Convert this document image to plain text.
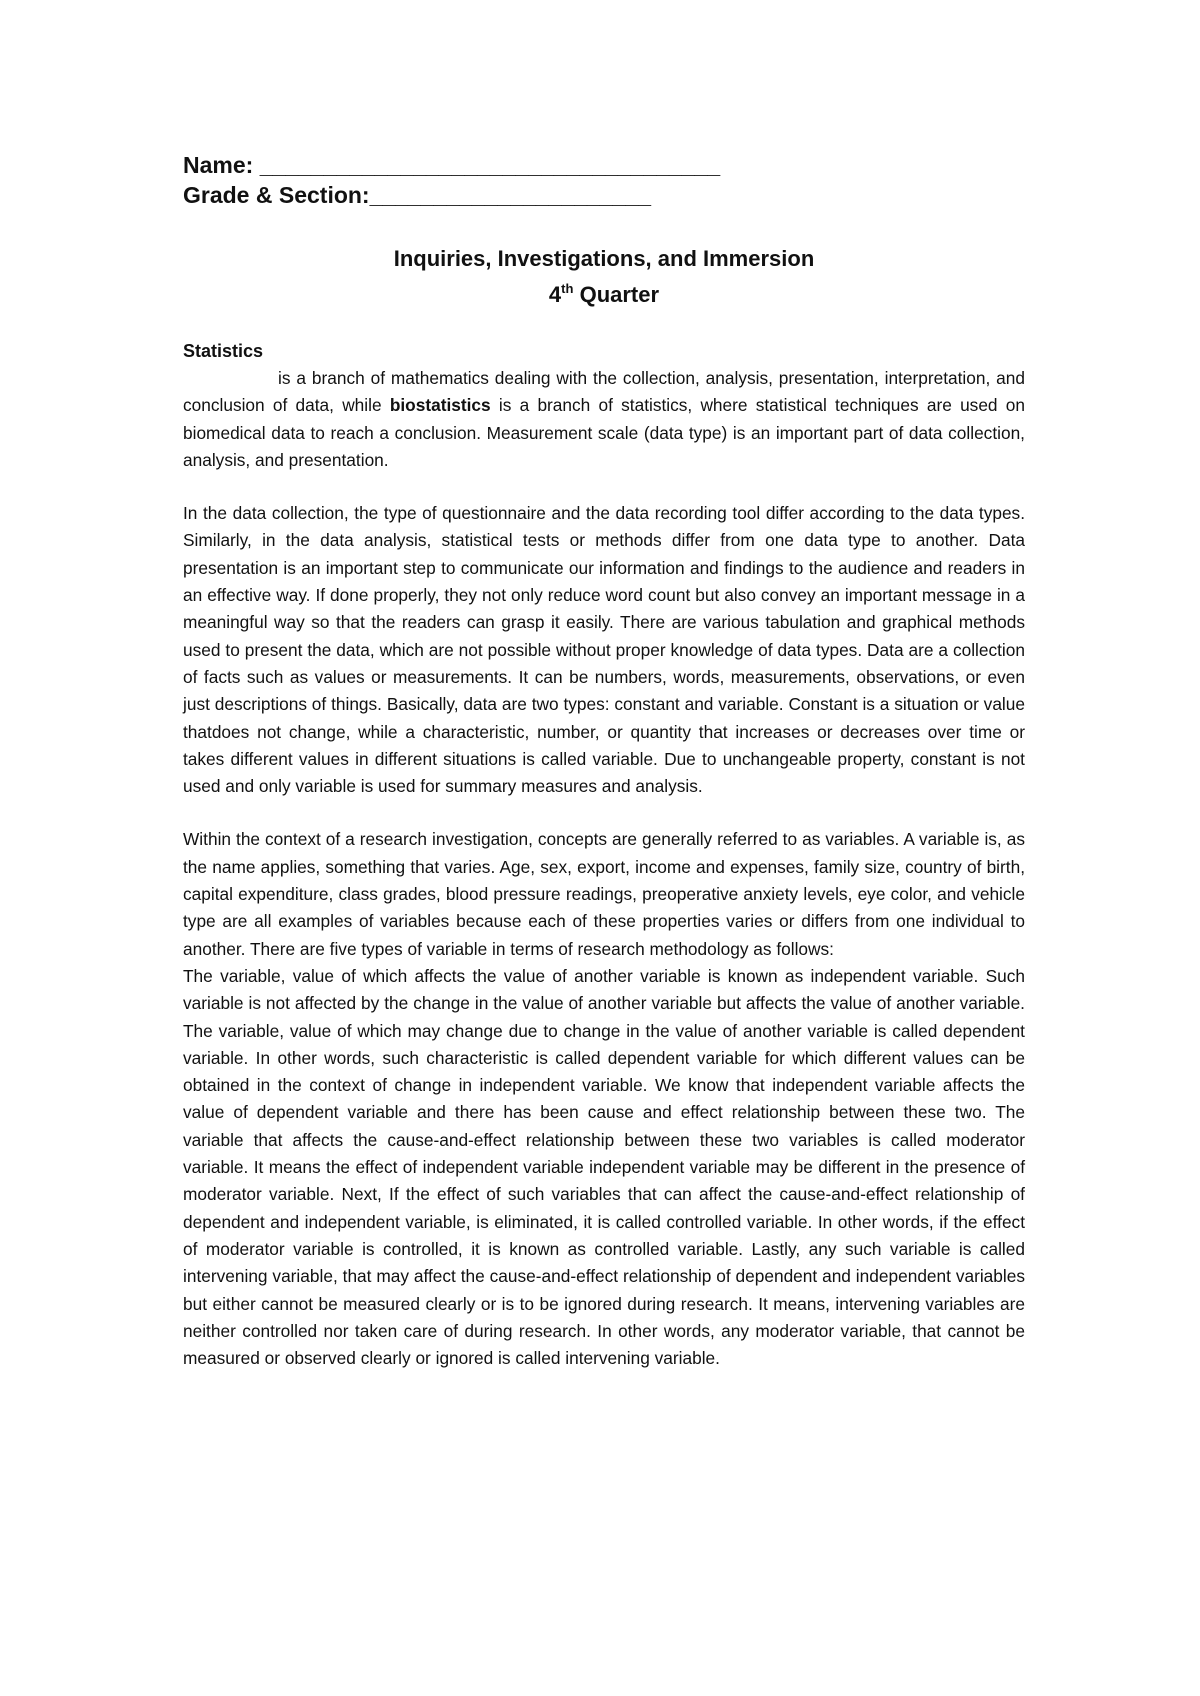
Name: ____________________________________

Grade & Section:______________________

Inquiries, Investigations, and Immersion

4th Quarter

Statistics

is a branch of mathematics dealing with the collection, analysis, presentation, interpretation, and conclusion of data, while biostatistics is a branch of statistics, where statistical techniques are used on biomedical data to reach a conclusion. Measurement scale (data type) is an important part of data collection, analysis, and presentation.

In the data collection, the type of questionnaire and the data recording tool differ according to the data types. Similarly, in the data analysis, statistical tests or methods differ from one data type to another. Data presentation is an important step to communicate our information and findings to the audience and readers in an effective way. If done properly, they not only reduce word count but also convey an important message in a meaningful way so that the readers can grasp it easily. There are various tabulation and graphical methods used to present the data, which are not possible without proper knowledge of data types. Data are a collection of facts such as values or measurements. It can be numbers, words, measurements, observations, or even just descriptions of things. Basically, data are two types: constant and variable. Constant is a situation or value thatdoes not change, while a characteristic, number, or quantity that increases or decreases over time or takes different values in different situations is called variable. Due to unchangeable property, constant is not used and only variable is used for summary measures and analysis.

Within the context of a research investigation, concepts are generally referred to as variables. A variable is, as the name applies, something that varies. Age, sex, export, income and expenses, family size, country of birth, capital expenditure, class grades, blood pressure readings, preoperative anxiety levels, eye color, and vehicle type are all examples of variables because each of these properties varies or differs from one individual to another. There are five types of variable in terms of research methodology as follows:

The variable, value of which affects the value of another variable is known as independent variable. Such variable is not affected by the change in the value of another variable but affects the value of another variable. The variable, value of which may change due to change in the value of another variable is called dependent variable. In other words, such characteristic is called dependent variable for which different values can be obtained in the context of change in independent variable. We know that independent variable affects the value of dependent variable and there has been cause and effect relationship between these two. The variable that affects the cause-and-effect relationship between these two variables is called moderator variable. It means the effect of independent variable independent variable may be different in the presence of moderator variable. Next, If the effect of such variables that can affect the cause-and-effect relationship of dependent and independent variable, is eliminated, it is called controlled variable. In other words, if the effect of moderator variable is controlled, it is known as controlled variable. Lastly, any such variable is called intervening variable, that may affect the cause-and-effect relationship of dependent and independent variables but either cannot be measured clearly or is to be ignored during research. It means, intervening variables are neither controlled nor taken care of during research. In other words, any moderator variable, that cannot be measured or observed clearly or ignored is called intervening variable.
